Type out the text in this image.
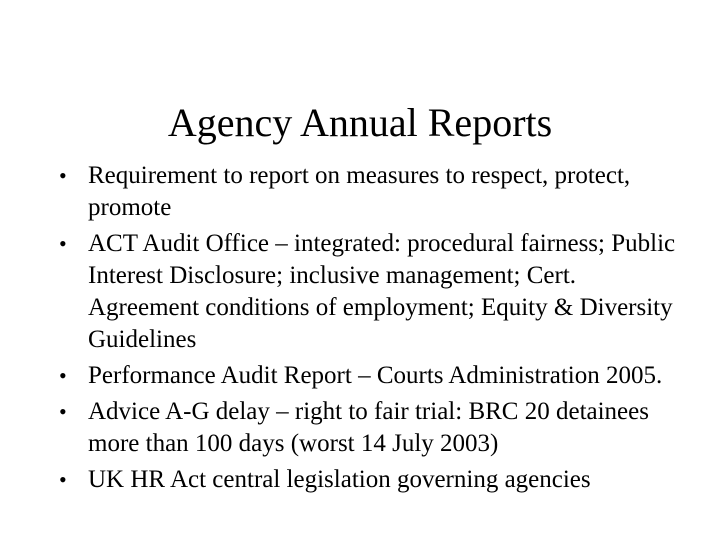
Agency Annual Reports
• Requirement to report on measures to respect, protect, promote
• ACT Audit Office – integrated: procedural fairness; Public Interest Disclosure; inclusive management; Cert. Agreement conditions of employment; Equity & Diversity Guidelines
• Performance Audit Report – Courts Administration 2005.
• Advice A-G delay – right to fair trial: BRC 20 detainees more than 100 days (worst 14 July 2003)
• UK HR Act central legislation governing agencies
